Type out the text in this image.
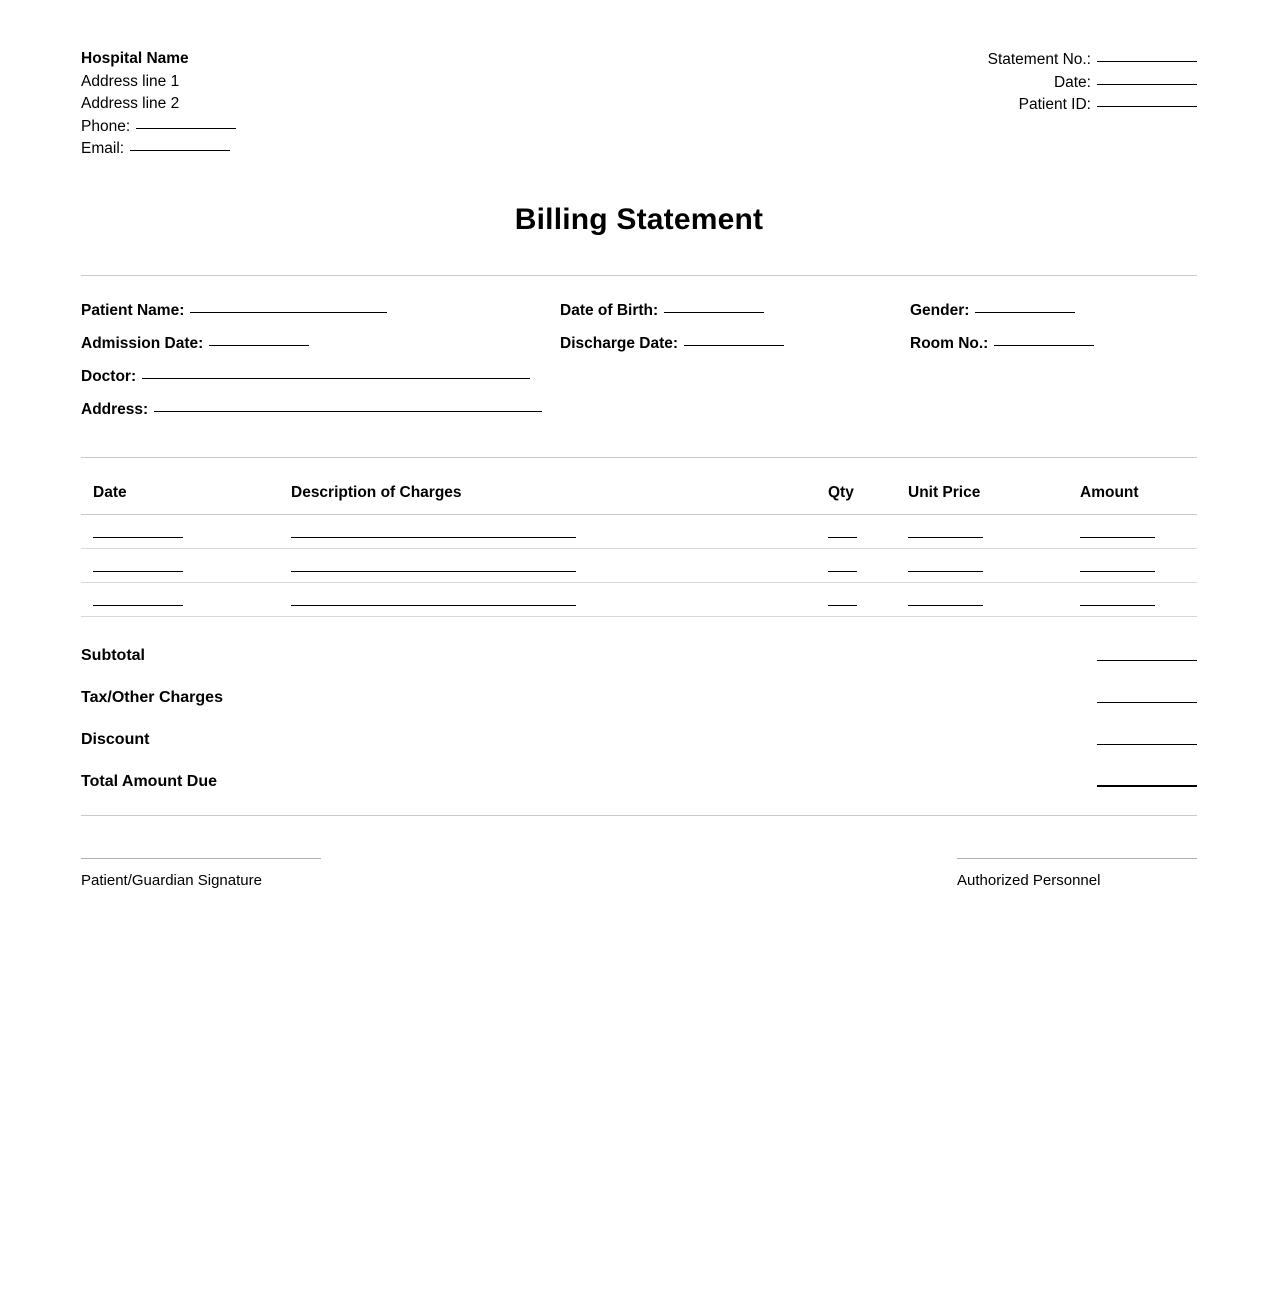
Hospital Name
Address line 1
Address line 2
Phone:
Email:
Statement No.:
Date:
Patient ID:
Billing Statement
Patient Name:	Date of Birth:	Gender:
Admission Date:	Discharge Date:	Room No.:
Doctor:
Address:
Date	Description of Charges	Qty	Unit Price	Amount

Subtotal
Tax/Other Charges
Discount
Total Amount Due
Patient/Guardian Signature	Authorized Personnel
